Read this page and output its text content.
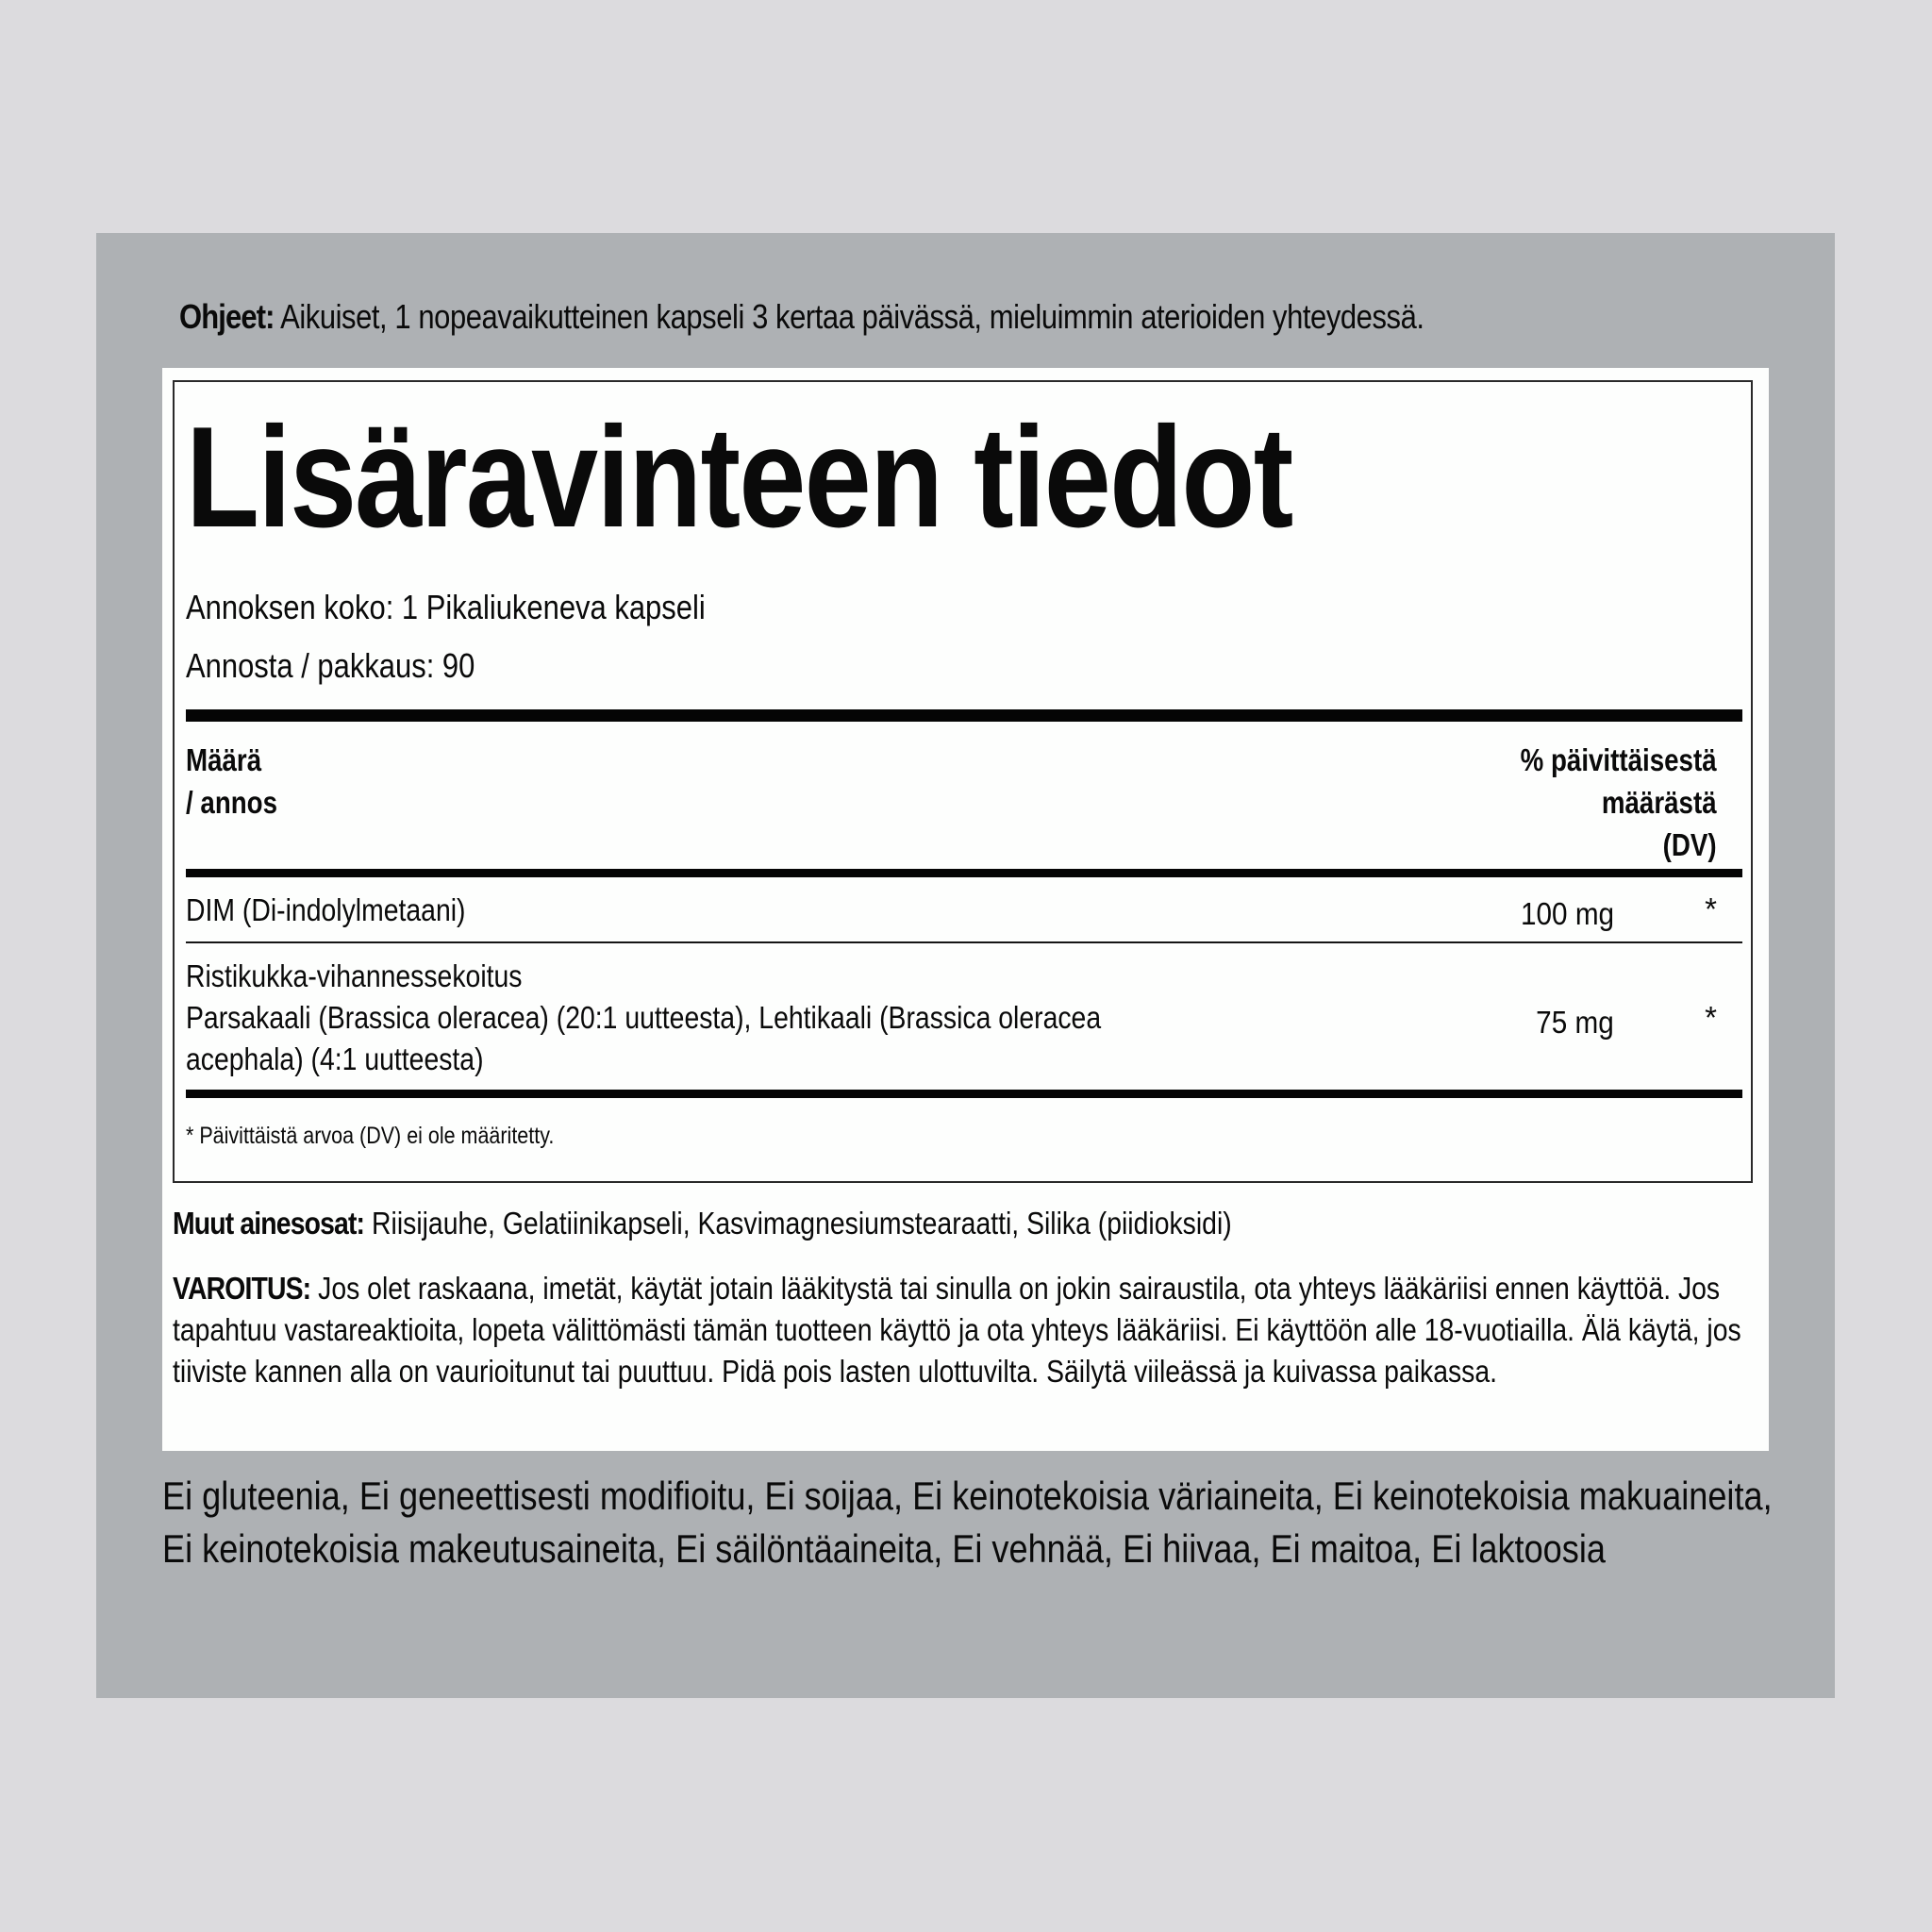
Ohjeet: Aikuiset, 1 nopeavaikutteinen kapseli 3 kertaa päivässä, mieluimmin aterioiden yhteydessä.
Lisäravinteen tiedot
Annoksen koko: 1 Pikaliukeneva kapseli
Annosta / pakkaus: 90
Määrä
/ annos
% päivittäisestä
määrästä
(DV)
DIM (Di-indolylmetaani)	100 mg	*
Ristikukka-vihannessekoitus
Parsakaali (Brassica oleracea) (20:1 uutteesta), Lehtikaali (Brassica oleracea
acephala) (4:1 uutteesta)
75 mg	*
* Päivittäistä arvoa (DV) ei ole määritetty.
Muut ainesosat: Riisijauhe, Gelatiinikapseli, Kasvimagnesiumstearaatti, Silika (piidioksidi)
VAROITUS: Jos olet raskaana, imetät, käytät jotain lääkitystä tai sinulla on jokin sairaustila, ota yhteys lääkäriisi ennen käyttöä. Jos tapahtuu vastareaktioita, lopeta välittömästi tämän tuotteen käyttö ja ota yhteys lääkäriisi. Ei käyttöön alle 18-vuotiailla. Älä käytä, jos tiiviste kannen alla on vaurioitunut tai puuttuu. Pidä pois lasten ulottuvilta. Säilytä viileässä ja kuivassa paikassa.
Ei gluteenia, Ei geneettisesti modifioitu, Ei soijaa, Ei keinotekoisia väriaineita, Ei keinotekoisia makuaineita, Ei keinotekoisia makeutusaineita, Ei säilöntäaineita, Ei vehnää, Ei hiivaa, Ei maitoa, Ei laktoosia
